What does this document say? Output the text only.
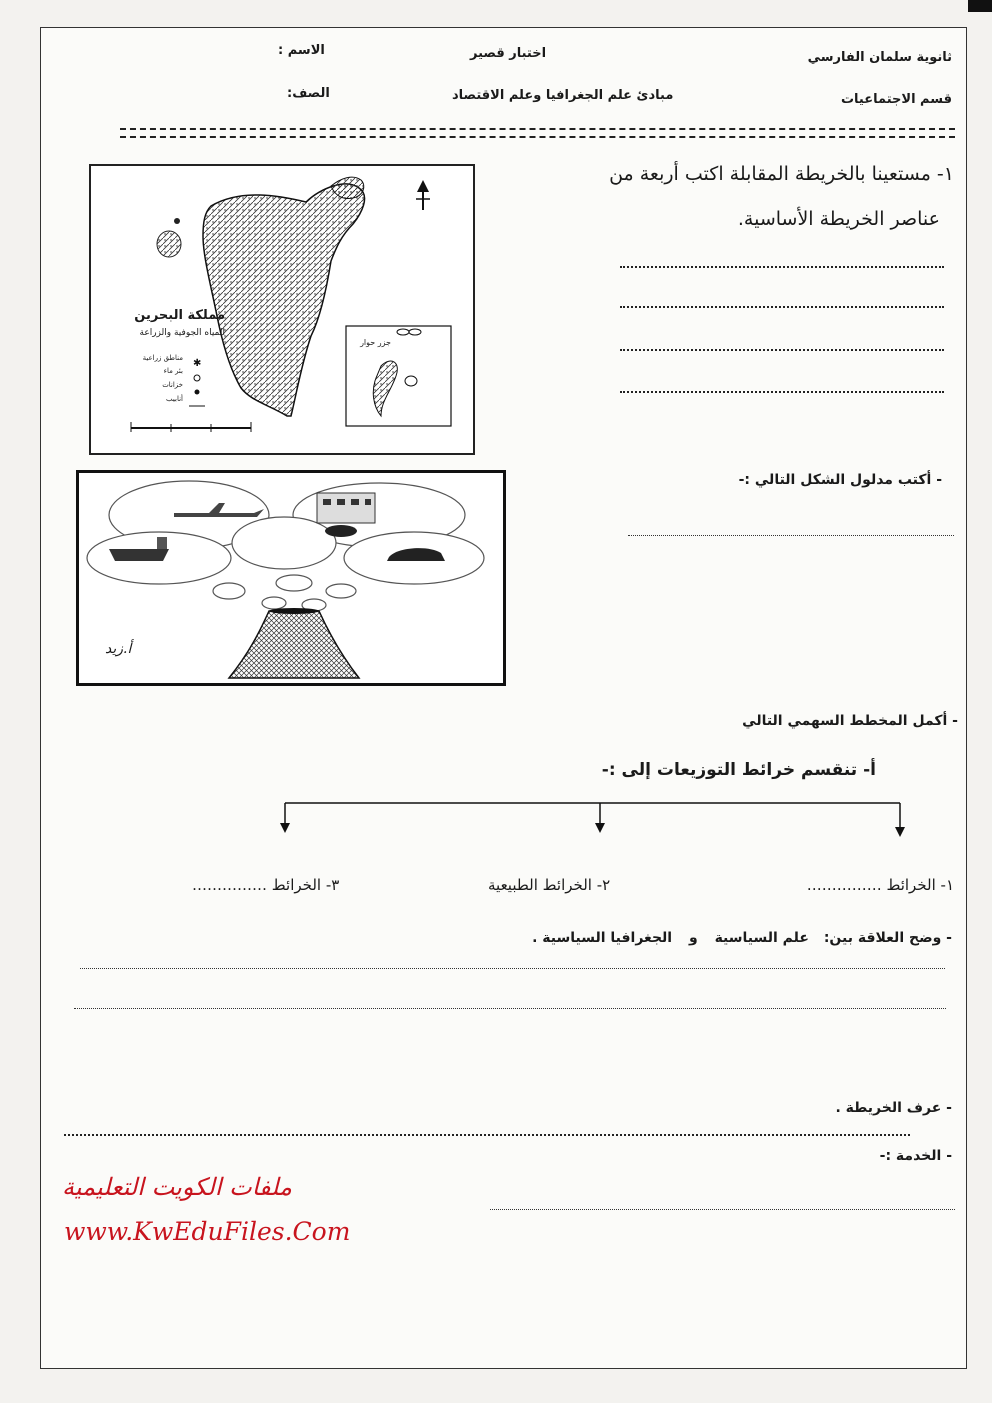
ثانوية سلمان الفارسي
قسم الاجتماعيات
اختبار قصير
مبادئ علم الجغرافيا وعلم الاقتصاد
الاسم :
الصف:
١- مستعينا بالخريطة المقابلة اكتب أربعة من
عناصر الخريطة الأساسية.
✱
مملكة البحرين
المياه الجوفية والزراعة
مناطق زراعية
بئر ماء
خزانات
أنابيب
جزر حوار
- أكتب مدلول الشكل التالي :-
أ.زيد
- أكمل المخطط السهمي التالي
أ- تنقسم خرائط التوزيعات إلى :-
١- الخرائط ……………
٢- الخرائط الطبيعية
٣- الخرائط ……………
- وضح العلاقة بين: علم السياسية و الجغرافيا السياسية .
- عرف الخريطة .
- الخدمة :-
ملفات الكويت التعليمية
www.KwEduFiles.Com
